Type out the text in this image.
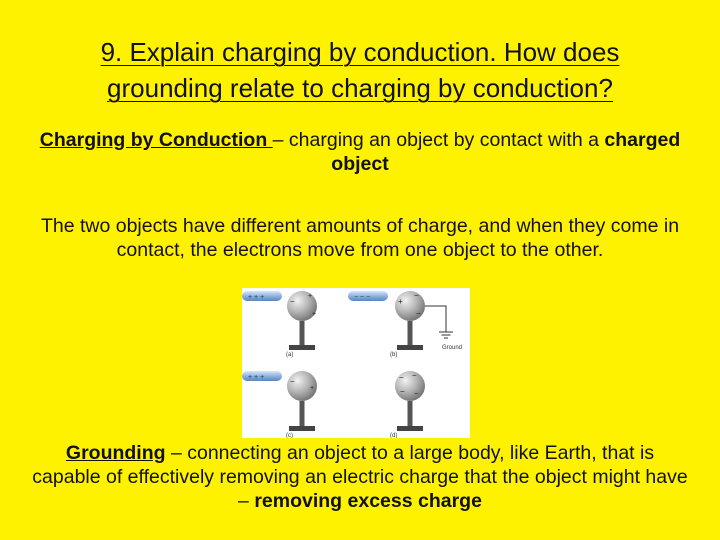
9. Explain charging by conduction. How does
grounding relate to charging by conduction?
Charging by Conduction – charging an object by contact with a charged object
The two objects have different amounts of charge, and when they come in contact, the electrons move from one object to the other.
+ + +	−
+
+
(a)
− − −	+
−
−
Ground
(b)
+ + +	−
+
(c)
− −
− −
(d)
Grounding – connecting an object to a large body, like Earth, that is capable of effectively removing an electric charge that the object might have – removing excess charge
